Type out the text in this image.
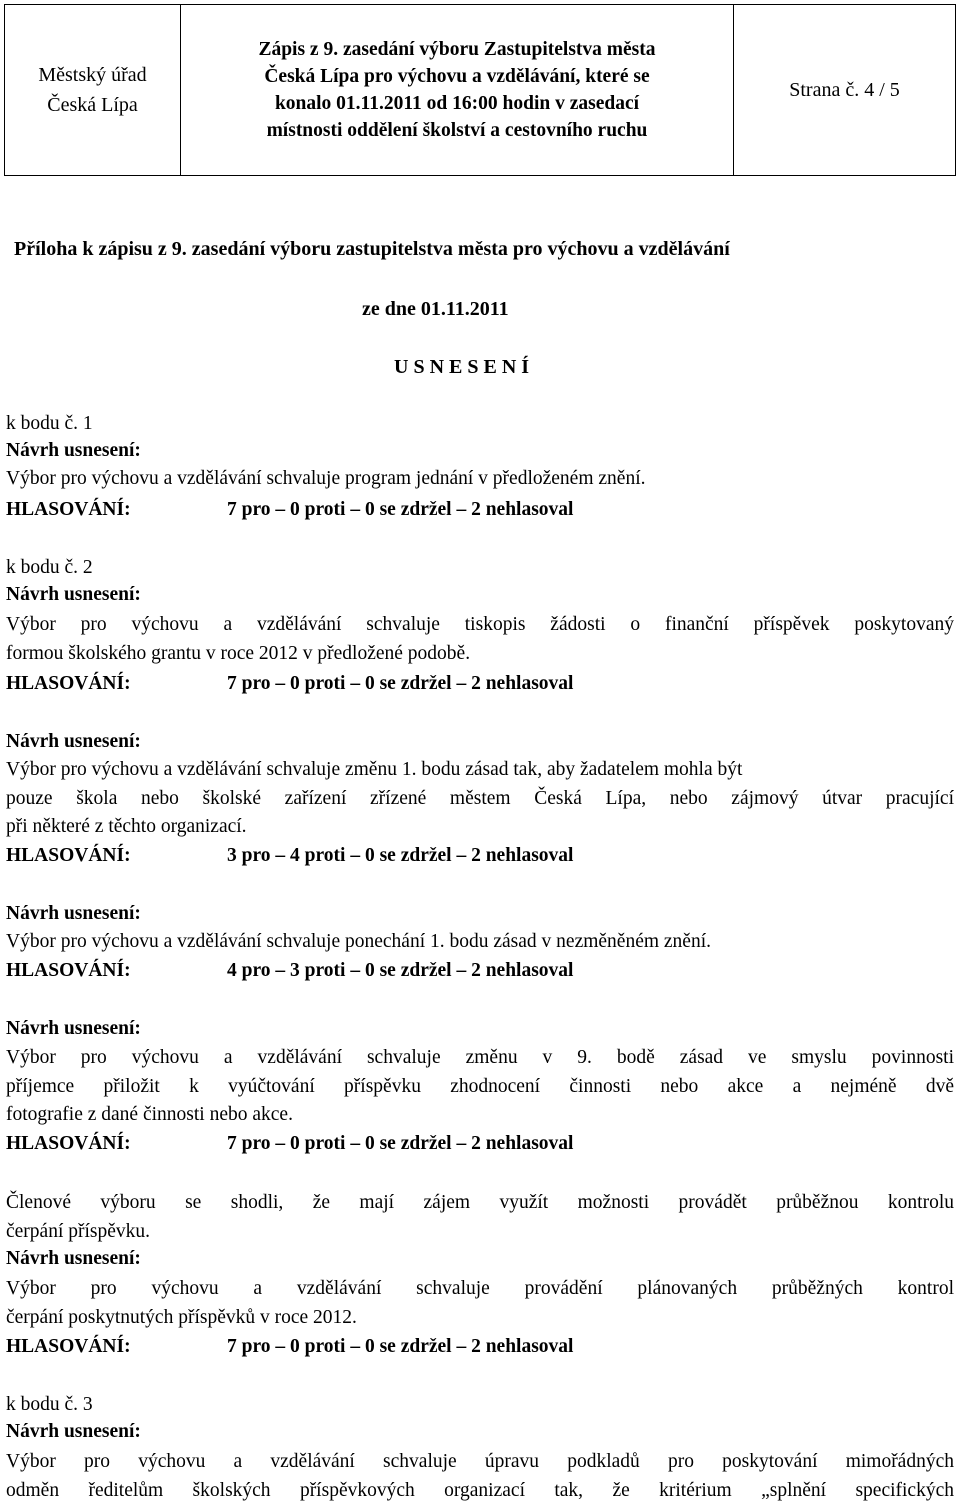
Městský úřad
Česká Lípa
Zápis z 9. zasedání výboru Zastupitelstva města
Česká Lípa pro výchovu a vzdělávání, které se
konalo 01.11.2011 od 16:00 hodin v zasedací
místnosti oddělení školství a cestovního ruchu
Strana č. 4 / 5
Příloha k zápisu z 9. zasedání výboru zastupitelstva města pro výchovu a vzdělávání
ze dne 01.11.2011
U S N E S E N Í
k bodu č. 1
Návrh usnesení:
Výbor pro výchovu a vzdělávání schvaluje program jednání v předloženém znění.
HLASOVÁNÍ:	7 pro – 0 proti – 0 se zdržel – 2 nehlasoval
k bodu č. 2
Návrh usnesení:
Výbor pro výchovu a vzdělávání schvaluje tiskopis žádosti o finanční příspěvek poskytovaný
formou školského grantu v roce 2012 v předložené podobě.
HLASOVÁNÍ:	7 pro – 0 proti – 0 se zdržel – 2 nehlasoval
Návrh usnesení:
Výbor pro výchovu a vzdělávání schvaluje změnu 1. bodu zásad tak, aby žadatelem mohla být
pouze škola nebo školské zařízení zřízené městem Česká Lípa, nebo zájmový útvar pracující
při některé z těchto organizací.
HLASOVÁNÍ:	3 pro – 4 proti – 0 se zdržel – 2 nehlasoval
Návrh usnesení:
Výbor pro výchovu a vzdělávání schvaluje ponechání 1. bodu zásad v nezměněném znění.
HLASOVÁNÍ:	4 pro – 3 proti – 0 se zdržel – 2 nehlasoval
Návrh usnesení:
Výbor pro výchovu a vzdělávání schvaluje změnu v 9. bodě zásad ve smyslu povinnosti
příjemce přiložit k vyúčtování příspěvku zhodnocení činnosti nebo akce a nejméně dvě
fotografie z dané činnosti nebo akce.
HLASOVÁNÍ:	7 pro – 0 proti – 0 se zdržel – 2 nehlasoval
Členové výboru se shodli, že mají zájem využít možnosti provádět průběžnou kontrolu
čerpání příspěvku.
Návrh usnesení:
Výbor pro výchovu a vzdělávání schvaluje provádění plánovaných průběžných kontrol
čerpání poskytnutých příspěvků v roce 2012.
HLASOVÁNÍ:	7 pro – 0 proti – 0 se zdržel – 2 nehlasoval
k bodu č. 3
Návrh usnesení:
Výbor pro výchovu a vzdělávání schvaluje úpravu podkladů pro poskytování mimořádných
odměn ředitelům školských příspěvkových organizací tak, že kritérium „splnění specifických
